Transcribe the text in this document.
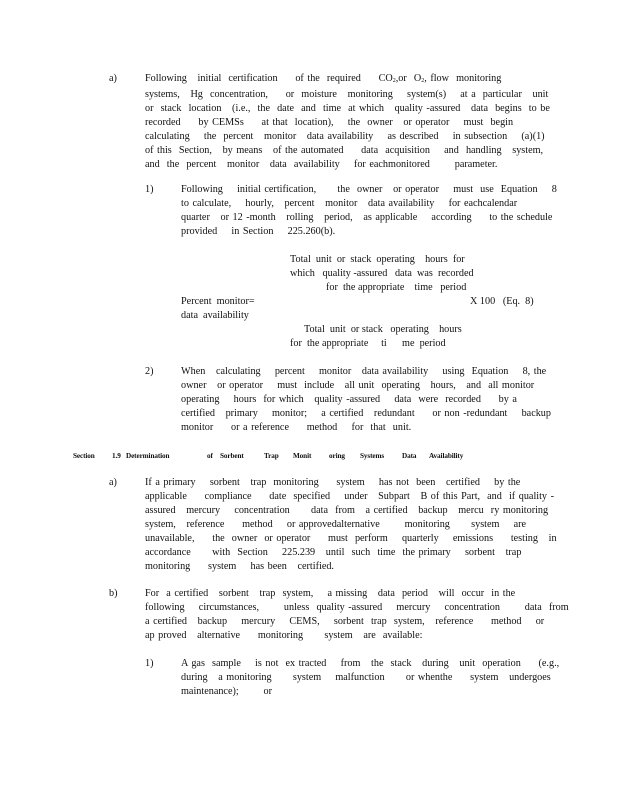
a)	Following   initial  certification     of the  required     $CO_2,or$  $O_2$, flow  monitoring
systems,   Hg  concentration,     or  moisture   monitoring    system(s)    at a  particular   unit
or  stack  location   (i.e.,  the  date  and  time  at which   quality -assured   data  begins  to be
recorded     by CEMSs     at that  location),    the  owner   or operator    must  begin
calculating    the  percent   monitor   data availability    as described    in subsection    (a)(1)
of this  Section,   by means   of the automated     data  acquisition    and  handling   system,
and  the  percent   monitor   data  availability    for eachmonitored       parameter.
1)	Following    initial certification,      the  owner   or operator    must  use  Equation    8
to calculate,    hourly,   percent   monitor   data availability    for eachcalendar
quarter   or 12 -month   rolling   period,   as applicable    according     to the schedule
provided    in Section    225.260(b).
Total  unit  or  stack  operating    hours  for
which   quality -assured   data  was  recorded
for  the appropriate    time   period
Percent  monitor=
data  availability
X 100   (Eq.  8)
Total  unit  or stack   operating    hours
for  the appropriate     ti      me  period
2)	When   calculating    percent    monitor   data availability    using  Equation    8, the
owner   or operator    must  include   all unit  operating   hours,   and  all monitor
operating    hours  for which   quality -assured    data  were  recorded     by a
certified   primary    monitor;    a certified   redundant     or non -redundant    backup
monitor     or a reference     method    for  that  unit.
Section 1.9 Determination	of Sorbent	Trap Monit oring Systems Data Availability
a)	If a primary    sorbent   trap  monitoring     system    has not  been   certified    by the
applicable     compliance     date  specified    under   Subpart   B of this Part,  and  if quality -
assured   mercury    concentration      data  from   a certified   backup   mercu  ry monitoring
system,   reference     method    or approvedalternative       monitoring      system    are
unavailable,     the  owner  or operator     must  perform    quarterly    emissions     testing   in
accordance      with  Section    225.239   until  such  time  the primary    sorbent   trap
monitoring     system    has been   certified.
b)	For  a certified   sorbent   trap  system,    a missing   data  period   will  occur  in the
following    circumstances,       unless  quality -assured    mercury    concentration       data  from
a certified   backup    mercury    CEMS,    sorbent  trap  system,   reference     method    or
ap proved   alternative     monitoring      system   are  available:
1)	A gas  sample    is not  ex tracted    from   the  stack   during   unit  operation     (e.g.,
during   a monitoring      system    malfunction      or whenthe     system   undergoes
maintenance);       or
